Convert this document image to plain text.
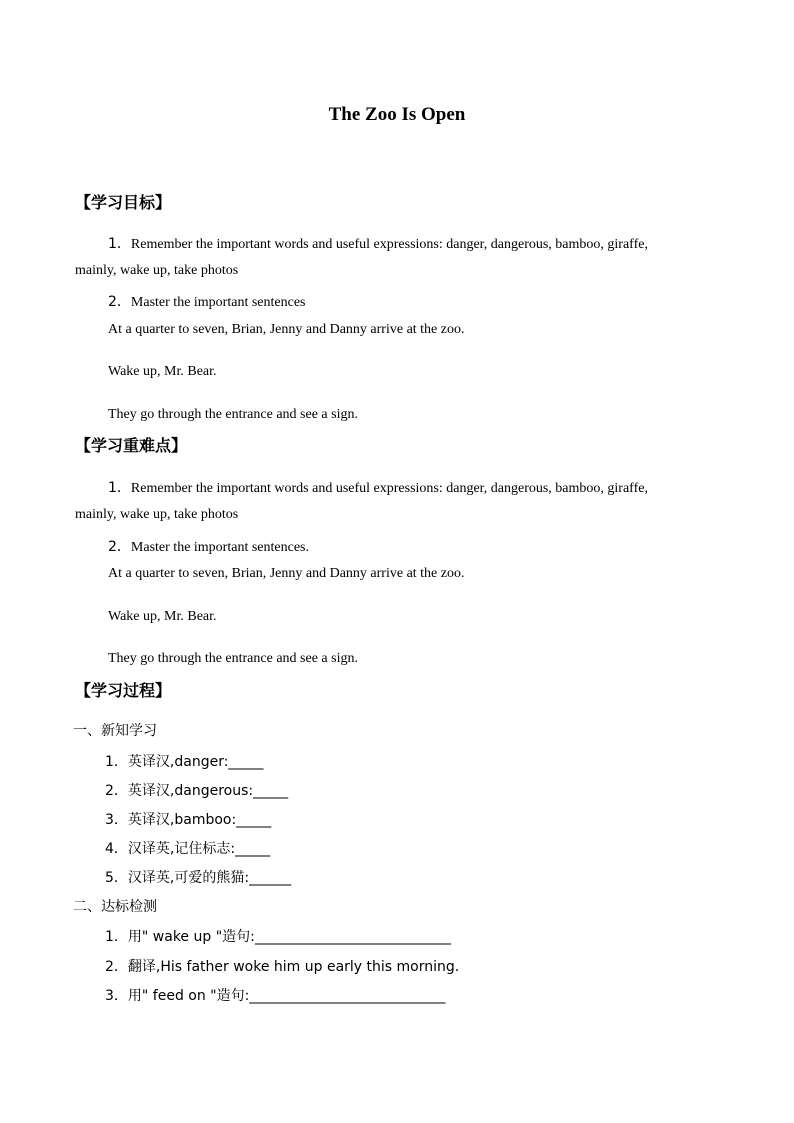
The Zoo Is Open
【学习目标】
1．Remember the important words and useful expressions: danger, dangerous, bamboo, giraffe,
mainly, wake up, take photos
2．Master the important sentences
At a quarter to seven, Brian, Jenny and Danny arrive at the zoo.
Wake up, Mr. Bear.
They go through the entrance and see a sign.
【学习重难点】
1．Remember the important words and useful expressions: danger, dangerous, bamboo, giraffe,
mainly, wake up, take photos
2．Master the important sentences.
At a quarter to seven, Brian, Jenny and Danny arrive at the zoo.
Wake up, Mr. Bear.
They go through the entrance and see a sign.
【学习过程】
一、新知学习
1．英译汉,danger:_____
2．英译汉,dangerous:_____
3．英译汉,bamboo:_____
4．汉译英,记住标志:_____
5．汉译英,可爱的熊猫:______
二、达标检测
1．用" wake up "造句:____________________________
2．翻译,His father woke him up early this morning.
3．用" feed on "造句:____________________________
